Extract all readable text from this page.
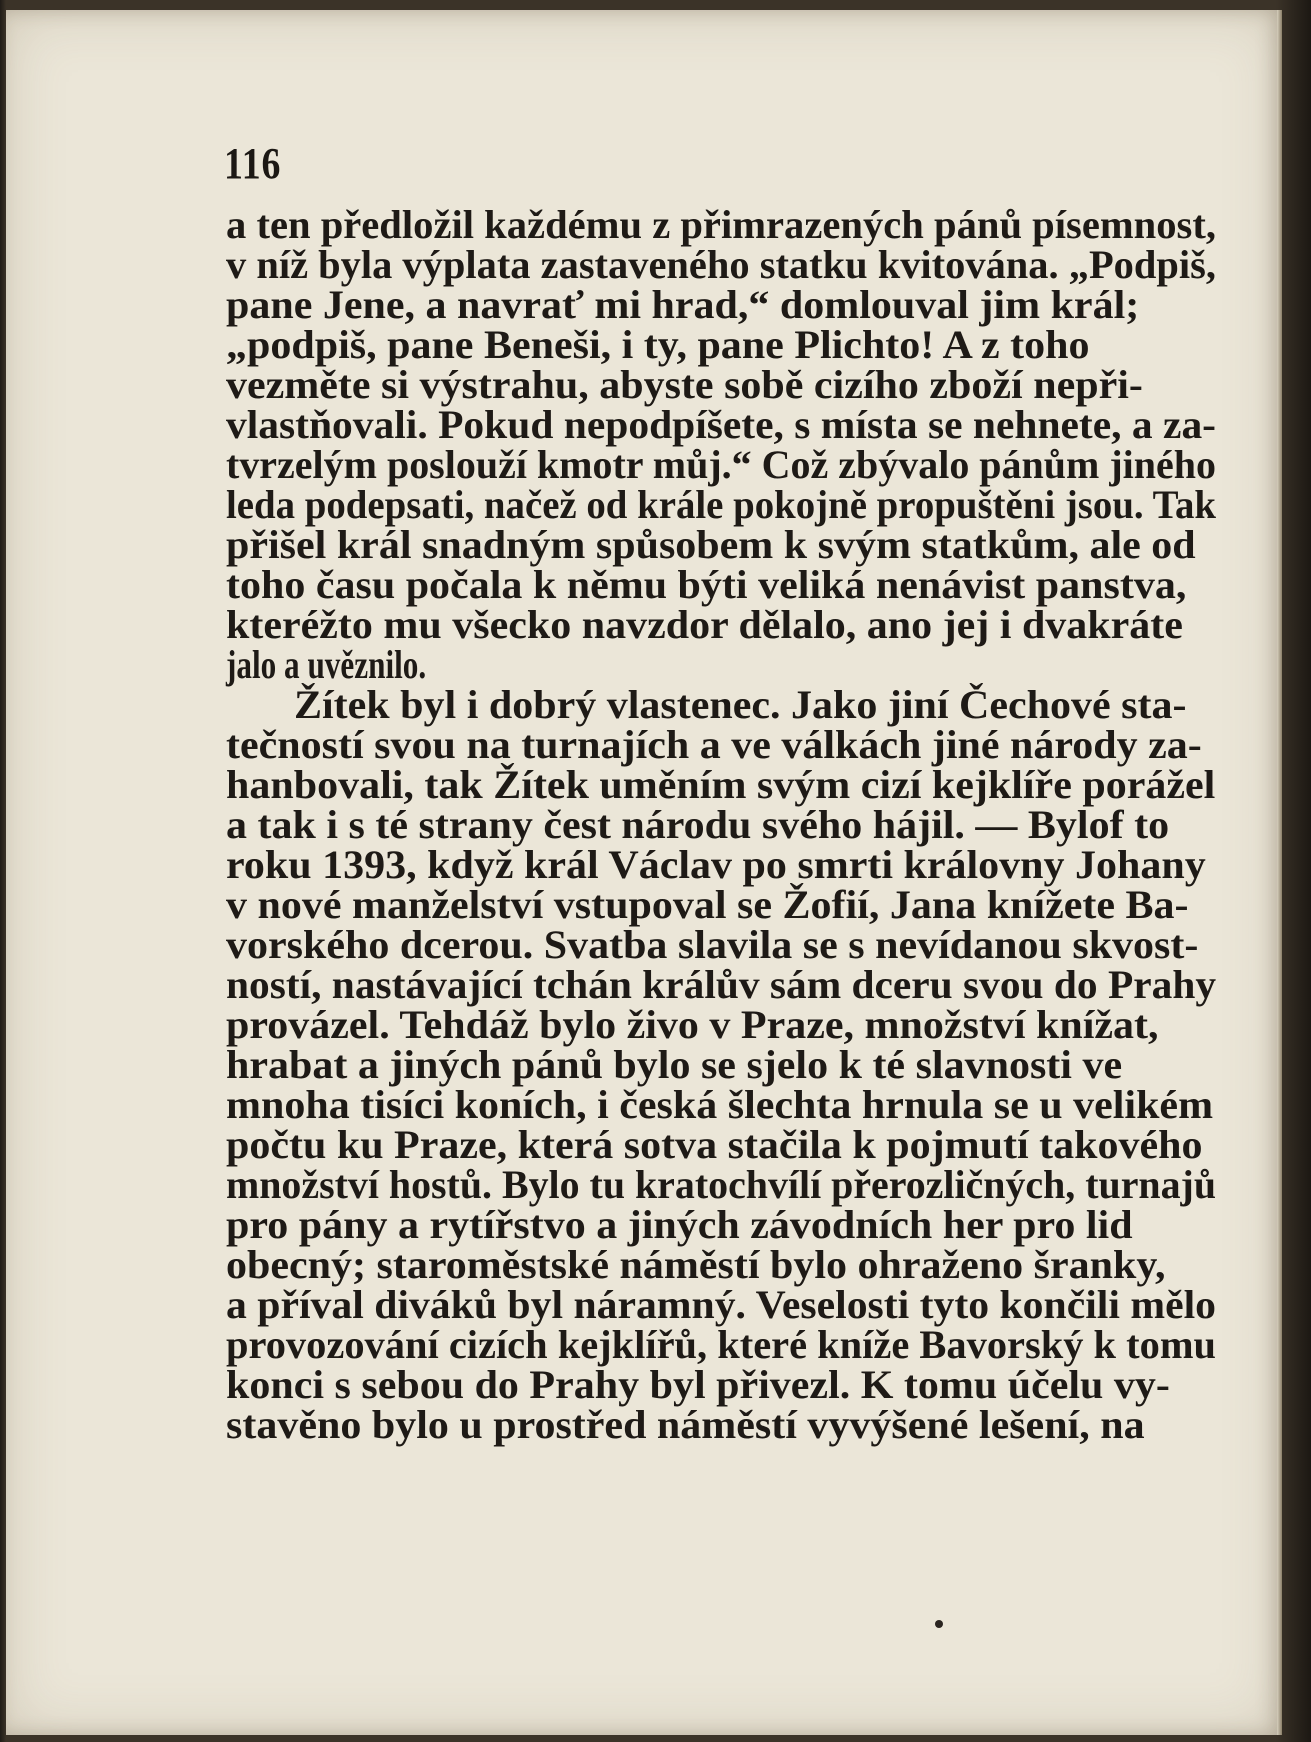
116
a ten předložil každému z přimrazených pánů písemnost,
v níž byla výplata zastaveného statku kvitována. „Podpiš,
pane Jene, a navrať mi hrad,“ domlouval jim král;
„podpiš, pane Beneši, i ty, pane Plichto! A z toho
vezměte si výstrahu, abyste sobě cizího zboží nepři-
vlastňovali. Pokud nepodpíšete, s místa se nehnete, a za-
tvrzelým poslouží kmotr můj.“ Což zbývalo pánům jiného
leda podepsati, načež od krále pokojně propuštěni jsou. Tak
přišel král snadným spůsobem k svým statkům, ale od
toho času počala k němu býti veliká nenávist panstva,
kteréžto mu všecko navzdor dělalo, ano jej i dvakráte
jalo a uvěznilo.
Žítek byl i dobrý vlastenec. Jako jiní Čechové sta-
tečností svou na turnajích a ve válkách jiné národy za-
hanbovali, tak Žítek uměním svým cizí kejklíře porážel
a tak i s té strany čest národu svého hájil. — Bylof to
roku 1393, když král Václav po smrti královny Johany
v nové manželství vstupoval se Žofií, Jana knížete Ba-
vorského dcerou. Svatba slavila se s nevídanou skvost-
ností, nastávající tchán králův sám dceru svou do Prahy
provázel. Tehdáž bylo živo v Praze, množství knížat,
hrabat a jiných pánů bylo se sjelo k té slavnosti ve
mnoha tisíci koních, i česká šlechta hrnula se u velikém
počtu ku Praze, která sotva stačila k pojmutí takového
množství hostů. Bylo tu kratochvílí přerozličných, turnajů
pro pány a rytířstvo a jiných závodních her pro lid
obecný; staroměstské náměstí bylo ohraženo šranky,
a příval diváků byl náramný. Veselosti tyto končili mělo
provozování cizích kejklířů, které kníže Bavorský k tomu
konci s sebou do Prahy byl přivezl. K tomu účelu vy-
stavěno bylo u prostřed náměstí vyvýšené lešení, na
